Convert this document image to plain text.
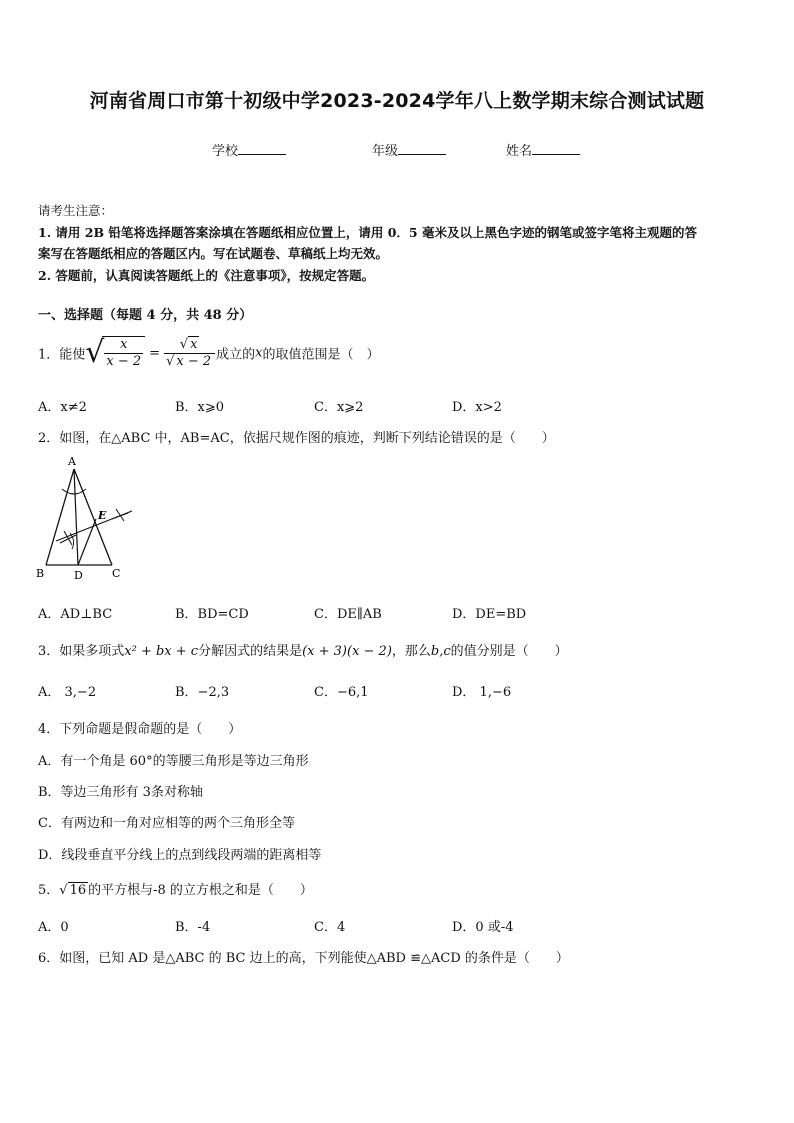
河南省周口市第十初级中学2023-2024学年八上数学期末综合测试试题
学校	年级	姓名
请考生注意：
1. 请用 2B 铅笔将选择题答案涂填在答题纸相应位置上，请用 0．5 毫米及以上黑色字迹的钢笔或签字笔将主观题的答
案写在答题纸相应的答题区内。写在试题卷、草稿纸上均无效。
2. 答题前，认真阅读答题纸上的《注意事项》，按规定答题。
一、选择题（每题 4 分，共 48 分）
1．能使√
$\frac{x}{x - 2} = \frac{√ x}{√ x - 2}$ 成立的x的取值范围是（　）
A．x≠2	B．x⩾0	C．x⩾2	D．x>2
2．如图，在△ABC 中，AB=AC，依据尺规作图的痕迹，判断下列结论错误的是（　　）
A
B	C
D
E
A．AD⊥BC	B．BD=CD	C．DE∥AB	D．DE=BD
3．如果多项式x² + bx + c分解因式的结果是(x + 3)(x − 2)，那么b,c的值分别是（　　）
A． 3,−2	B．−2,3	C．−6,1	D． 1,−6
4．下列命题是假命题的是（　　）
A．有一个角是 60°的等腰三角形是等边三角形
B．等边三角形有 3条对称轴
C．有两边和一角对应相等的两个三角形全等
D．线段垂直平分线上的点到线段两端的距离相等
5．√ 16 的平方根与-8 的立方根之和是（　　）
A．0	B．-4	C．4	D．0 或-4
6．如图，已知 AD 是△ABC 的 BC 边上的高，下列能使△ABD ≌△ACD 的条件是（　　）
